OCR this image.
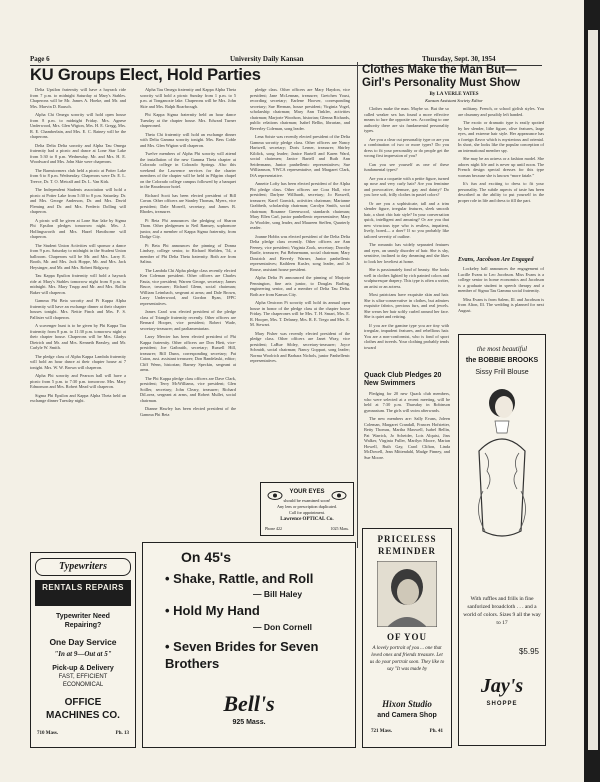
Page 6	University Daily Kansan	Thursday, Sept. 30, 1954
KU Groups Elect, Hold Parties	Clothes Make the Man But— Girl's Personality Must Show
By LA VERLE YATES
Kansan Assistant Society Editor

Delta Upsilon fraternity will have a hayrack ride from 7 p.m. to midnight Saturday at Mary's Stables. Chaperons will be Mr. James A. Hoeke, and Mr. and Mrs. Marvin D. Rausch.

Alpha Chi Omega sorority will hold open house from 8 p.m. to midnight Friday. Mrs. Agnese Underwood, Mrs. Glen Wigton, Mrs. H. E. Gregg, Mrs. R. E. Chamberlain, and Mrs. E. C. Rainey will be the chaperons.

Delta Delta Delta sorority and Alpha Tau Omega fraternity had a picnic and dance at Lone Star Lake from 5:30 to 8 p.m. Wednesday. Mr. and Mrs. H. E. Woodward and Mrs. John Skie were chaperons.

The Barnstormers club held a picnic at Potter Lake from 6 to 8 p.m. Wednesday. Chaperons were Dr. E. L. Treece, Dr. T. O. Metcalf and Dr. L. Van Kirk.

The Independent Students association will hold a picnic at Potter Lake from 5:30 to 8 p.m. Saturday. Dr. and Mrs. George Anderson, Dr. and Mrs. David Fleming and Dr. and Mrs. Frederic Dolling will chaperon.

A picnic will be given at Lone Star lake by Sigma Phi Epsilon pledges tomorrow night. Mrs. J. Hollingsworth and Mrs. Hazel Hawthorne will chaperon.

The Student Union Activities will sponsor a dance from 9 p.m. Saturday to midnight in the Student Union ballroom. Chaperons will be Mr. and Mrs. Larry E. Booth, Mr. and Mrs. Jack Hoppe, Mr. and Mrs. Jack Heysinger, and Mr. and Mrs. Robert Ridgway.

Tau Kappa Epsilon fraternity will hold a hayrack ride at Mary's Stables tomorrow night from 8 p.m. to midnight. Mrs. Mary Trupp and Mr. and Mrs. Rollin Baker will chaperon.

Gamma Phi Beta sorority and Pi Kappa Alpha fraternity will have an exchange dinner at their chapter houses tonight. Mrs. Nettie Finch and Mrs. F. S. Pallister will chaperon.

A scavenger hunt is to be given by Phi Kappa Tau fraternity from 8 p.m. to 11:30 p.m. tomorrow night at their chapter house. Chaperons will be Mrs. Gladys Dietrich and Mr. and Mrs. Kenneth Beasley, and Mr. Carlyle W. Smith.

The pledge class of Alpha Kappa Lambda fraternity will hold an hour dance at their chapter house at 7 tonight. Mrs. W. W. Brown will chaperon.

Alpha Phi sorority and Pearson hall will have a picnic from 5 p.m. to 7:30 p.m. tomorrow. Mrs. Mary Edmonson and Mrs. Robert Mead will chaperon.

Sigma Phi Epsilon and Kappa Alpha Theta held an exchange dinner Tuesday night.

Alpha Tau Omega fraternity and Kappa Alpha Theta sorority will hold a picnic Sunday from 1 p.m. to 5 p.m. at Tonganoxie lake. Chaperons will be Mrs. John Skie and Mrs. Ralph Roarbrough.

Phi Kappa Sigma fraternity held an hour dance Tuesday at the chapter house. Mrs. Edward Turner chaperoned.

Theta Chi fraternity will hold an exchange dinner with Delta Gamma sorority tonight. Mrs. Bess Coble and Mrs. Glen Wigton will chaperon.

Twelve members of Alpha Phi sorority will attend the installation of the new Gamma Theta chapter at Colorado college in Colorado Springs. Also this weekend the Lawrence services for the charter members of the chapter will be held in Pilgrim chapel on the Colorado college campus followed by a banquet in the Broadmoor hotel.

Richard Scott has been elected president of Bill Cavan. Other officers are Stanley Thomas, Myers, vice president; Dale Morrell, secretary, and James B. Rhodes, treasurer.

Pi Beta Phi announces the pledging of Sharon Thom. Other pledgemen to Neil Ramsey, sophomore junior, and a member of Kappa Sigma fraternity, from Dodge City.

Pi Beta Phi announces the pinning of Donna Lindsey, college senior, to Richard Shelden, '54, a member of Phi Delta Theta fraternity. Both are from Salina.

The Lambda Chi Alpha pledge class recently elected Ken Coleman president. Other officers are Charles Fauta, vice president; Warren George, secretary; James Bruce, treasurer; Richard Glenn, social chairman; William Leimbach, sergeant at arms; and Dale Brown, Larry Underwood, and Gordon Ryan, IFPC representatives.

James Carol was elected president of the pledge class of Triangle fraternity recently. Other officers are Bernard Hooper, vice president; Robert Wade, secretary-treasurer; and parliamentarian.

Larry Mercier has been elected president of Phi Kappa fraternity. Other officers are Don Hiett, vice-president; Joe Gaibraith, secretary; Russell Hill, treasurer; Bill Dunn, corresponding secretary; Pat Caton, asst. assistant treasurer; Don Bandelaski, editor; Cliff Wenn, historian; Barney Speckin, sergeant at arms.

The Phi Kappa pledge class officers are Dave Clark, president; Terry McWilliams, vice president; Glen Soiller, secretary; John Cleary, treasurer; Richard DiLorea, sergeant at arms, and Robert Mullet, social chairman.

Dianne Hawley has been elected president of the Gamma Phi Beta

pledge class. Other officers are Mary Haydon, vice president; Jane McLennan, treasurer; Gretchen Youst, recording secretary; Earlene Hoover, corresponding secretary; Sue Herman, house president; Virginia Vogel, scholarship chairman; Mary Ann Tinkler, activities chairman; Marjorie Woodson, historian; Glenna Richards, public relations chairman; Isabel Bellin, librarian, and Beverley Coleman, song leader.

Lena Soiste was recently elected president of the Delta Gamma sorority pledge class. Other officers are Nancy Hartwell, secretary; Doris Lerner, treasurer; Shirley Kildick, song leader; Janice Bartell and Karen Ward, social chairmen; Janice Bartell and Ruth Ann Seidermann, Junior panhellenic representatives; Sue Williamson, YWCA representative, and Margaret Clark, ISA representative.

Annette Lofty has been elected president of the Alpha Phi pledge class. Other officers are Cora Hall, vice president; Darlyne Willhardt, secretary; Jo Boswell, treasurer; Karel Gornick, activities chairman; Marianne Grabbeth, scholarship chairman; Carolyn Smith, social chairman; Rosanne Greenwood, standards chairman; Mary Ellen Carl, junior panhellenic representative; Mary Jo Woolder, song leader, and Maureen Steffen, Quarterly reader.

Joanne Hobbs was elected president of the Delta Delta Delta pledge class recently. Other officers are Ann Feeney, vice president; Virginia Zook, secretary; Dorothy Barile, treasurer; Pat Behnemann, social chairman; Mary Doutrich and Beverly Warner, Junior panhellenic representatives; Kathleen Kusler, song leader, and Jo Rouse, assistant house president.

Alpha Delta Pi announced the pinning of Marjorie Pennington, fine arts junior, to Douglas Barling, engineering senior, and a member of Delta Tau Delta. Both are from Kansas City.

Alpha Omicron Pi sorority will hold its annual open house in honor of the pledge class at the chapter house Friday. The chaperones will be Mrs. T. H. Smart, Mrs. E. R. Hooper, Mrs. T. Delaney, Mrs. R. E. Trego and Mrs. E. M. Stewart.

Mary Fisher was recently elected president of the pledge class. Other officers are Janet Wray, vice president; LaRue Sibley, secretary-treasurer; Joyce Schmidt, social chairman; Nancy Goppart, song leader; Norma Woolrich and Barbara Nichols, junior Panhellenic representatives.

Clothes make the man. Maybe so. But the so called weaker sex has found a more effective means to lure the opposite sex. According to one authority there are six fundamental personality types.

Are you a clear cut personality type or are you a combination of two or more types? Do you dress to fit your personality or do people get the wrong first impression of you?

Can you see yourself as one of these fundamental types?

Are you a coquette with a petite figure, turned up nose and very curly hair? Are you feminine and provocative, demure, gay and dainty? Do you love soft, frilly clothes in pastel colors?

Or are you a sophisticate, tall and a trim slender figure, irregular features, sleek smooth hair, a short chic hair style? In your conversation quick, intelligent and amusing? Or are you that new vivacious type who is restless, impatient, lively, bored— a doer? If so you probably like tailored severity of outline.

The romantic has widely separated features and eyes, an unruly disorder of hair. She is shy, sensitive, inclined to day dreaming and she likes to look her loveliest at home.

She is passionately fond of beauty. She looks well in clothes lighted by rich painted colors and sculpturesque drapery. This type is often a writer, an artist or an actress.

Most patricians have exquisite skin and hair. She is ultra-conservative in clothes, but admires exquisite fabrics, precious furs, and real jewels. She wears her hair softly curled around her face. She is quiet and retiring.

If you are the gamine type you are tiny with irregular, impudent features, and rebellious hair. You are a non-conformist, who is fond of sport clothes and tweeds. Your clothing probably tends toward

militany. French, or school girlish styles. You are chummy and possibly left handed.

The exotic or dramatic type is easily spotted by her slender, lithe figure, olive features, large eyes, and extreme hair style. Her appearance has a foreign flavor which is mysterious and oriental. In short, she looks like the popular conception of an international member spy.

She may be an actress or a fashion model. She adores night life and is never up until noon. The French design special dresses for this type woman because she is known “more fatale.”

It's fun and exciting to dress to fit your personality. The subtle aspects of taste has been described as the ability to put yourself in the proper role in life and dress to fill the part.

Evans, Jacobson Are Engaged

Lockeley hall announces the engagement of Lucille Evans to Leo Jacobson. Miss Evans is a college senior in home economics and Jacobson is a graduate student in speech therapy and a member of Sigma Tau Gamma social fraternity.

Miss Evans is from Salem, Ill. and Jacobson is from Alton, Ill. The wedding is planned for next August.

Quack Club Pledges 20 New Swimmers

Pledging for 20 new Quack club members, who were selected at a recent meeting, will be held at 7:30 p.m. Thursday in Robinson gymnasium. The girls will swim afterwards.

The new members are: Sally Evans, Joleen Coleman, Margaret Crandall, Frances Hofstetter, Betty Thomas, Martha Maxwell, Isabel Bellin, Pat Warrick, Jo Scheider, Lois Alquist, Jinx Walker, Virginia Fuller, Marilyn Moore, Marian Howell, Ruth Gay, Carol Clifton, Linda McDowell, Jean Mittendahl, Madge Finney, and Sue Moore.

the most beautiful
the BOBBIE BROOKS
Sissy Frill Blouse
With ruffles and frills in fine sanforized broadcloth . . . and a world of colors. Sizes 9 all the way to 17
$5.95
Jay's
SHOPPE
YOUR EYES
should be examined soon!
Any lens or prescription duplicated.
Call for appointment.
Lawrence OPTICAL Co.
Phone 422	1025 Mass.
Typewriters
RENTALS REPAIRS
Typewriter Need
Repairing?
One Day Service
"In at 9—Out at 5"
Pick-up & Delivery
FAST, EFFICIENT
ECONOMICAL
OFFICE
MACHINES CO.
710 Mass.	Ph. 13
On 45's
• Shake, Rattle, and Roll
— Bill Haley
• Hold My Hand
— Don Cornell
• Seven Brides for Seven Brothers
Bell's
925 Mass.
PRICELESS
REMINDER
OF YOU
A lovely portrait of you ... one that loved ones and friends treasure. Let us do your portrait soon. They like to say "It was made by
Hixon Studio
and Camera Shop
721 Mass.	Ph. 41
